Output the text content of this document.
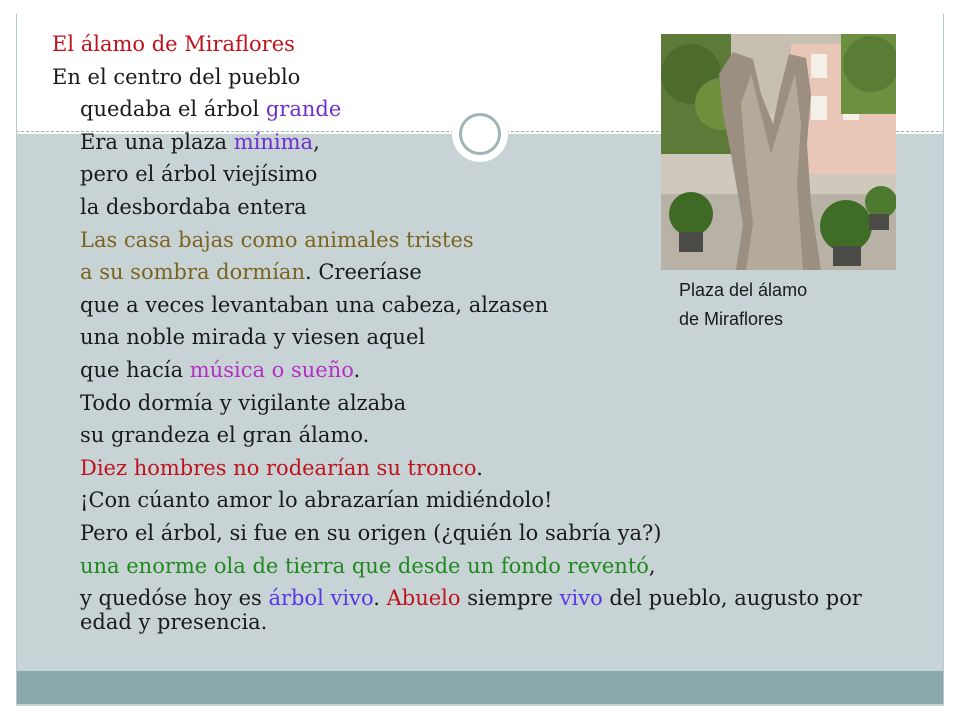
El álamo de Miraflores
En el centro del pueblo
quedaba el árbol grande
Era una plaza mínima,
pero el árbol viejísimo
la desbordaba entera
Las casa bajas como animales tristes
a su sombra dormían. Creeríase
que a veces levantaban una cabeza, alzasen
una noble mirada y viesen aquel
que hacía música o sueño.
Todo dormía y vigilante alzaba
su grandeza el gran álamo.
Diez hombres no rodearían su tronco.
¡Con cúanto amor lo abrazarían midiéndolo!
Pero el árbol, si fue en su origen (¿quién lo sabría ya?)
una enorme ola de tierra que desde un fondo reventó,
y quedóse hoy es árbol vivo. Abuelo siempre vivo del pueblo, augusto por edad y presencia.
Plaza del álamo
de Miraflores
